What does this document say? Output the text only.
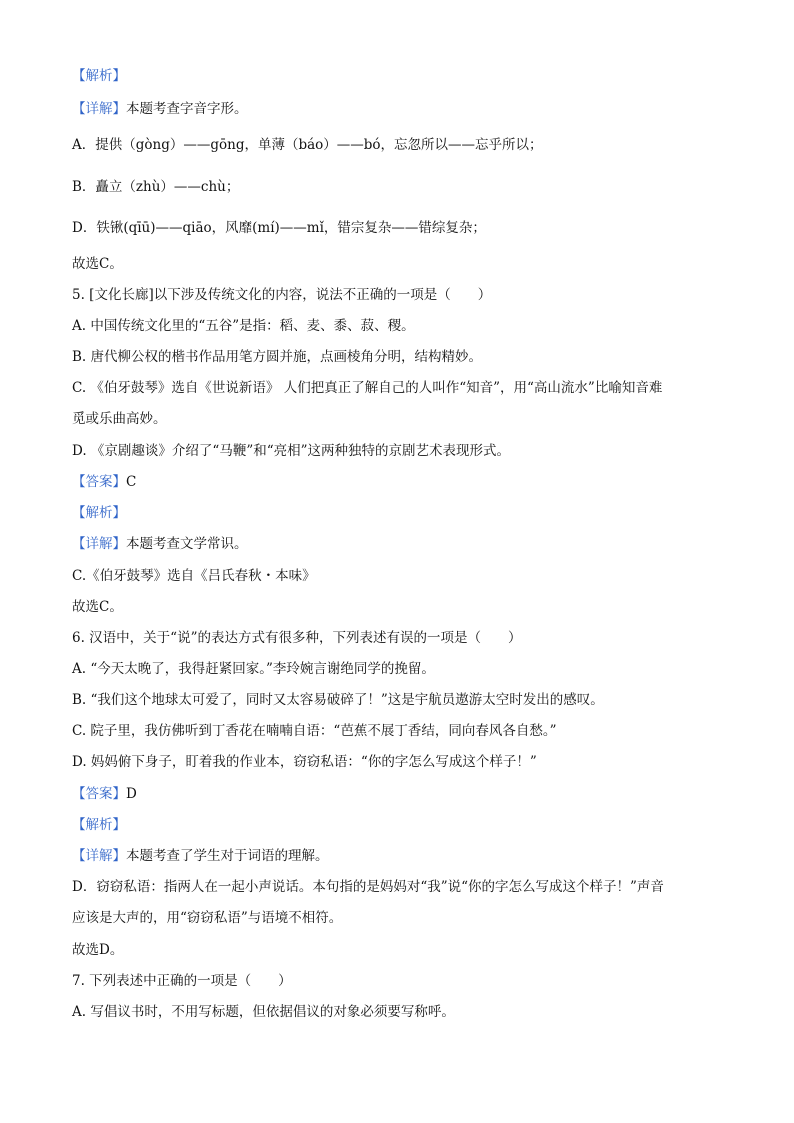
【解析】
【详解】本题考查字音字形。
A．提供（gòng）——gōng，单薄（báo）——bó，忘忽所以——忘乎所以；
B．矗立（zhù）——chù；
D．铁锹(qīū)——qiāo，风靡(mí)——mǐ，错宗复杂——错综复杂；
故选C。
5. [文化长廊]以下涉及传统文化的内容，说法不正确的一项是（　　）
A. 中国传统文化里的“五谷”是指：稻、麦、黍、菽、稷。
B. 唐代柳公权的楷书作品用笔方圆并施，点画棱角分明，结构精妙。
C. 《伯牙鼓琴》选自《世说新语》 人们把真正了解自己的人叫作“知音”，用“高山流水”比喻知音难
觅或乐曲高妙。
D. 《京剧趣谈》介绍了“马鞭”和“亮相”这两种独特的京剧艺术表现形式。
【答案】C
【解析】
【详解】本题考查文学常识。
C.《伯牙鼓琴》选自《吕氏春秋・本味》
故选C。
6. 汉语中，关于“说”的表达方式有很多种，下列表述有误的一项是（　　）
A. “今天太晚了，我得赶紧回家。”李玲婉言谢绝同学的挽留。
B. “我们这个地球太可爱了，同时又太容易破碎了！”这是宇航员遨游太空时发出的感叹。
C. 院子里，我仿佛听到丁香花在喃喃自语：“芭蕉不展丁香结，同向春风各自愁。”
D. 妈妈俯下身子，盯着我的作业本，窃窃私语：“你的字怎么写成这个样子！”
【答案】D
【解析】
【详解】本题考查了学生对于词语的理解。
D．窃窃私语：指两人在一起小声说话。本句指的是妈妈对“我”说“你的字怎么写成这个样子！”声音
应该是大声的，用“窃窃私语”与语境不相符。
故选D。
7. 下列表述中正确的一项是（　　）
A. 写倡议书时，不用写标题，但依据倡议的对象必须要写称呼。
